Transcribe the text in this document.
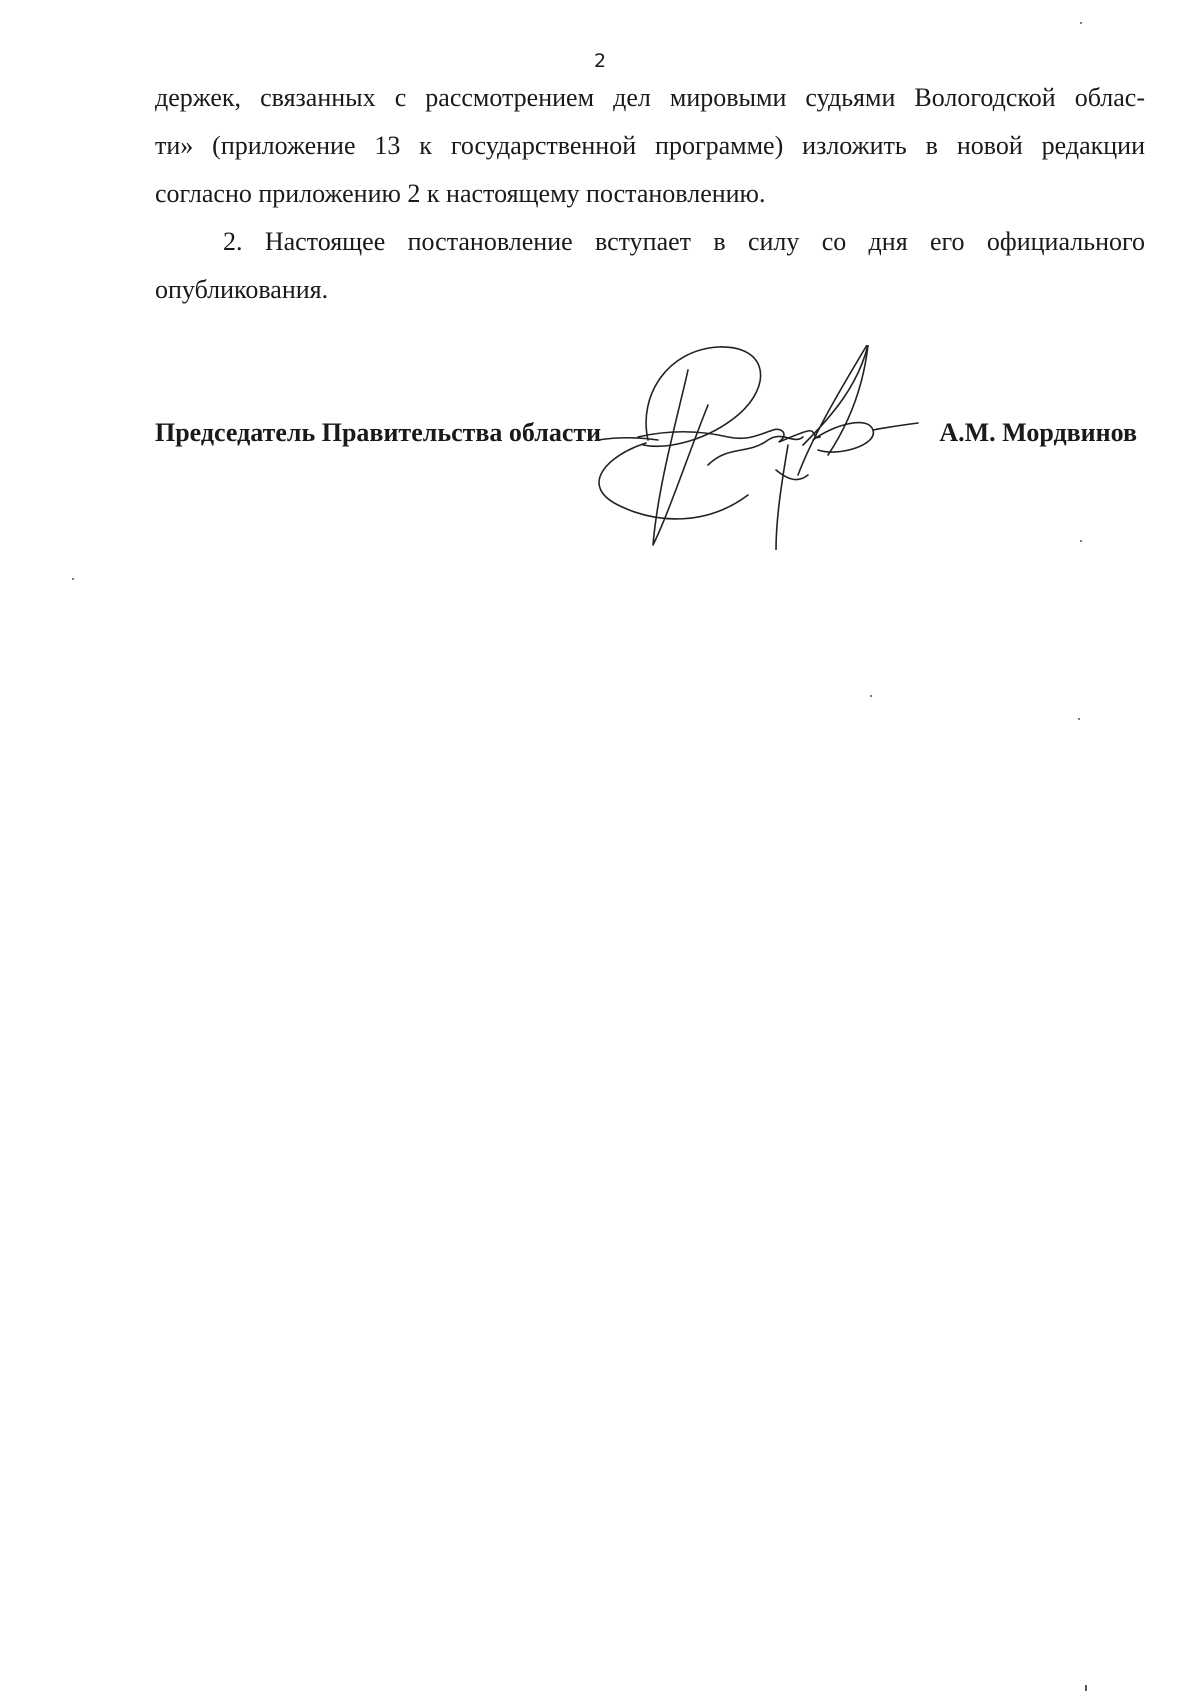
2

держек, связанных с рассмотрением дел мировыми судьями Вологодской облас-
ти» (приложение 13 к государственной программе) изложить в новой редакции
согласно приложению 2 к настоящему постановлению.

2. Настоящее постановление вступает в силу со дня его официального
опубликования.

Председатель Правительства области	А.М. Мордвинов
